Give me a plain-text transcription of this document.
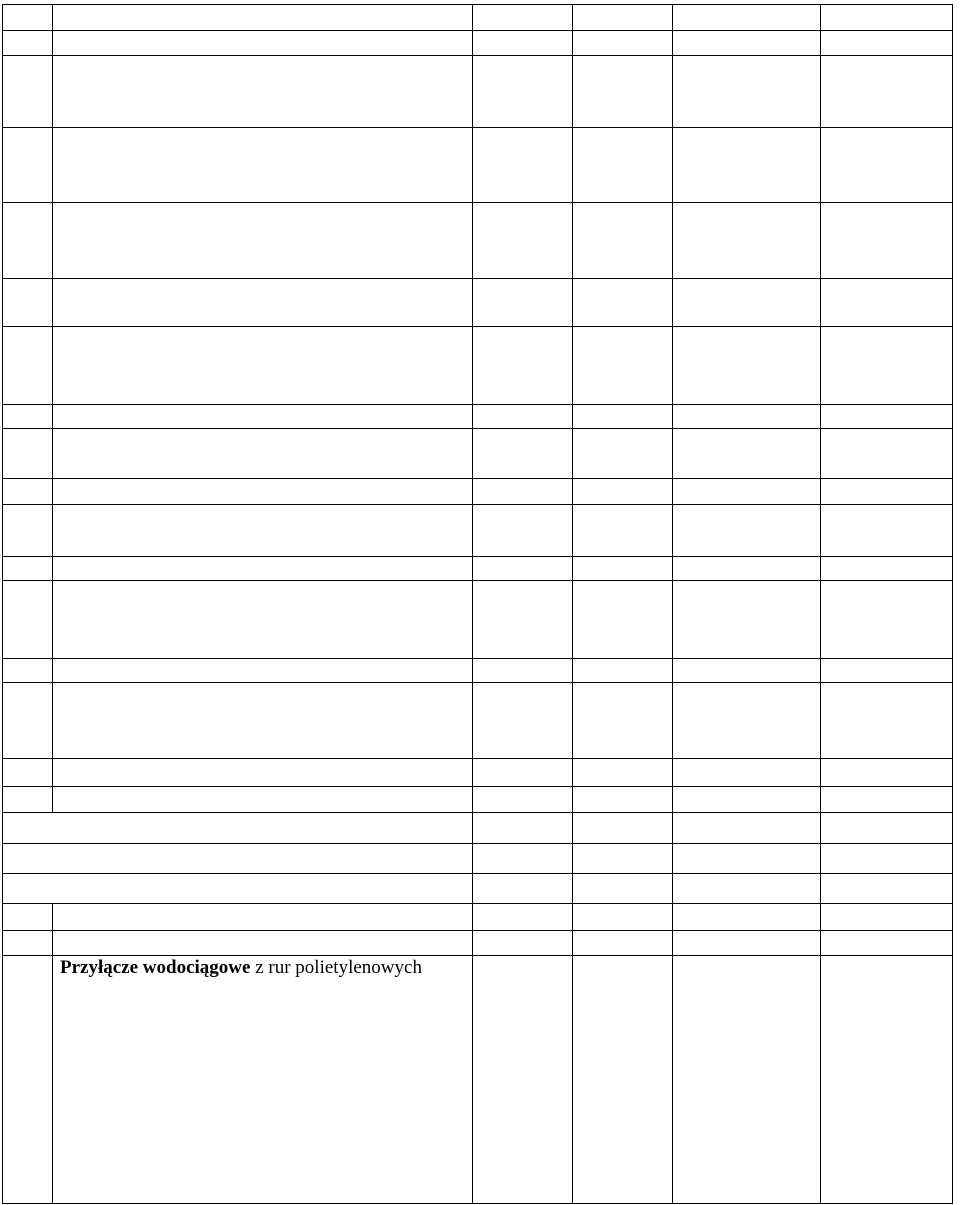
Przyłącze wodociągowe z rur polietylenowych
